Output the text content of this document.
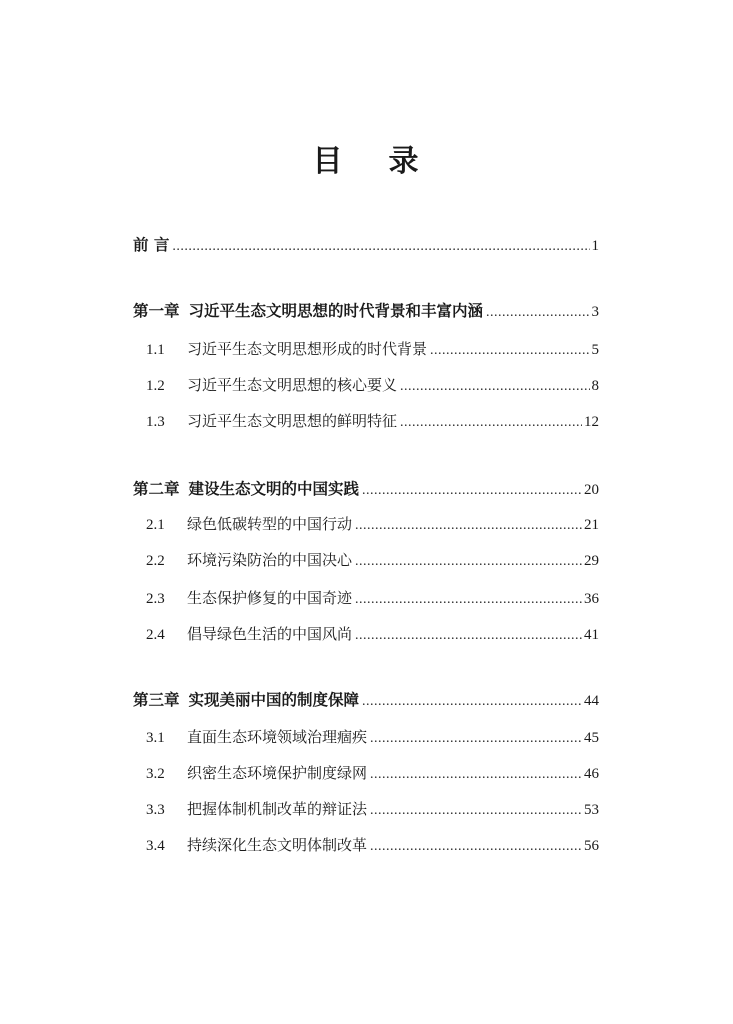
目 录
前 言 .....	1
第一章 习近平生态文明思想的时代背景和丰富内涵 .....	3
1.1	习近平生态文明思想形成的时代背景 .....	5
1.2	习近平生态文明思想的核心要义 .....	8
1.3	习近平生态文明思想的鲜明特征 .....	12
第二章 建设生态文明的中国实践 .....	20
2.1	绿色低碳转型的中国行动 .....	21
2.2	环境污染防治的中国决心 .....	29
2.3	生态保护修复的中国奇迹 .....	36
2.4	倡导绿色生活的中国风尚 .....	41
第三章 实现美丽中国的制度保障 .....	44
3.1	直面生态环境领域治理痼疾 .....	45
3.2	织密生态环境保护制度绿网 .....	46
3.3	把握体制机制改革的辩证法 .....	53
3.4	持续深化生态文明体制改革 .....	56
